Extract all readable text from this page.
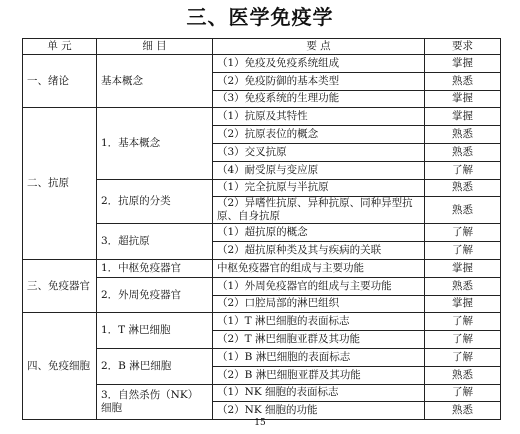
三、医学免疫学
单 元	细 目	要 点	要求
一、绪论	基本概念	（1）免疫及免疫系统组成	掌握
		（2）免疫防御的基本类型	熟悉
		（3）免疫系统的生理功能	掌握
二、抗原	1．基本概念	（1）抗原及其特性	掌握
		（2）抗原表位的概念	熟悉
		（3）交叉抗原	熟悉
		（4）耐受原与变应原	了解
	2．抗原的分类	（1）完全抗原与半抗原	熟悉
		（2）异嗜性抗原、异种抗原、同种异型抗原、自身抗原	熟悉
	3．超抗原	（1）超抗原的概念	了解
		（2）超抗原种类及其与疾病的关联	了解
三、免疫器官	1．中枢免疫器官	中枢免疫器官的组成与主要功能	掌握
	2．外周免疫器官	（1）外周免疫器官的组成与主要功能	熟悉
		（2）口腔局部的淋巴组织	掌握
四、免疫细胞	1．T 淋巴细胞	（1）T 淋巴细胞的表面标志	了解
		（2）T 淋巴细胞亚群及其功能	了解
	2．B 淋巴细胞	（1）B 淋巴细胞的表面标志	了解
		（2）B 淋巴细胞亚群及其功能	熟悉
	3．自然杀伤（NK）细胞	（1）NK 细胞的表面标志	了解
		（2）NK 细胞的功能	熟悉
15
